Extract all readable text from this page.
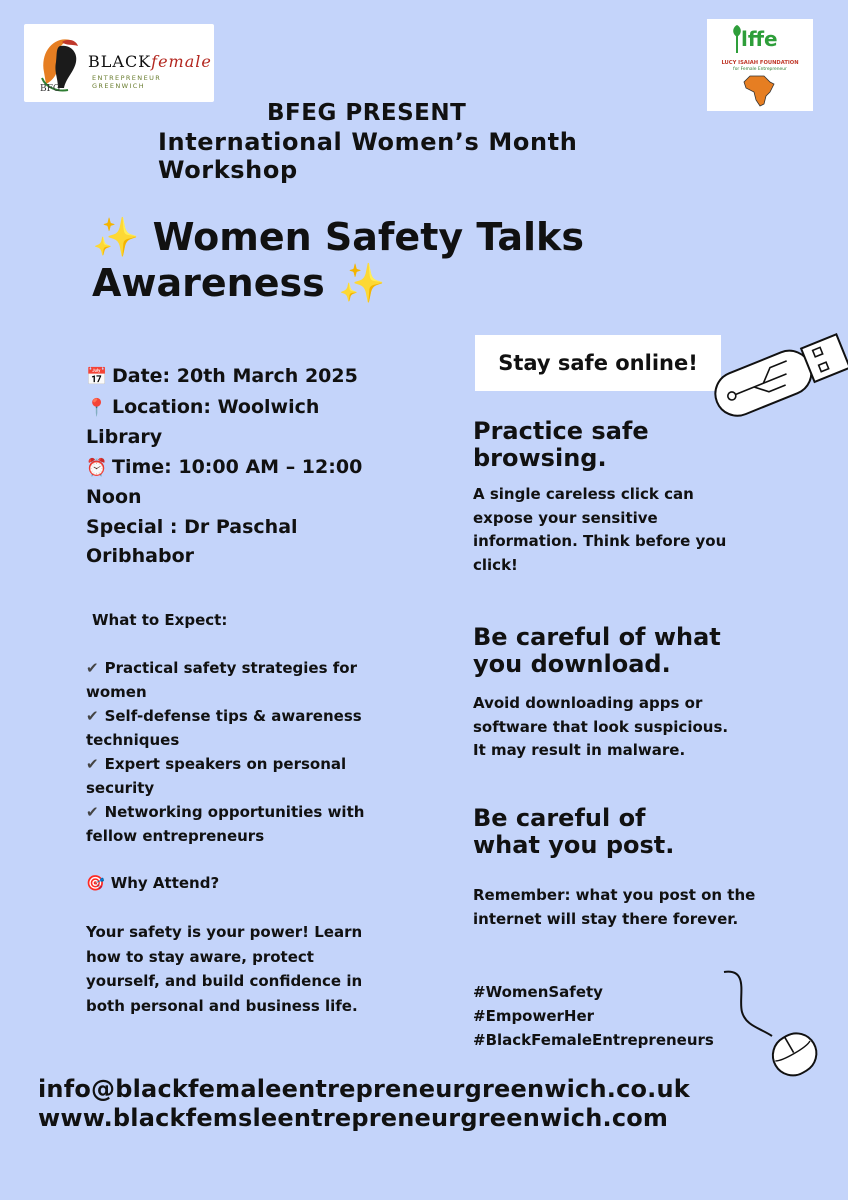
BLACKfemale
ENTREPRENEUR GREENWICH
BFG
lffe
LUCY ISAIAH FOUNDATION
for Female Entrepreneur
BFEG PRESENT
International Women’s Month
Workshop
✨ Women Safety Talks
Awareness ✨
📅 Date: 20th March 2025
📍 Location: Woolwich Library
⏰ Time: 10:00 AM – 12:00 Noon
Special : Dr Paschal Oribhabor
What to Expect:
✔ Practical safety strategies for women
✔ Self-defense tips & awareness techniques
✔ Expert speakers on personal security
✔ Networking opportunities with fellow entrepreneurs
🎯 Why Attend?
Your safety is your power! Learn how to stay aware, protect yourself, and build confidence in both personal and business life.
Stay safe online!
Practice safe browsing.
A single careless click can expose your sensitive information. Think before you click!
Be careful of what you download.
Avoid downloading apps or software that look suspicious. It may result in malware.
Be careful of what you post.
Remember: what you post on the internet will stay there forever.
#WomenSafety
#EmpowerHer
#BlackFemaleEntrepreneurs
info@blackfemaleentrepreneurgreenwich.co.uk
www.blackfemsleentrepreneurgreenwich.com
